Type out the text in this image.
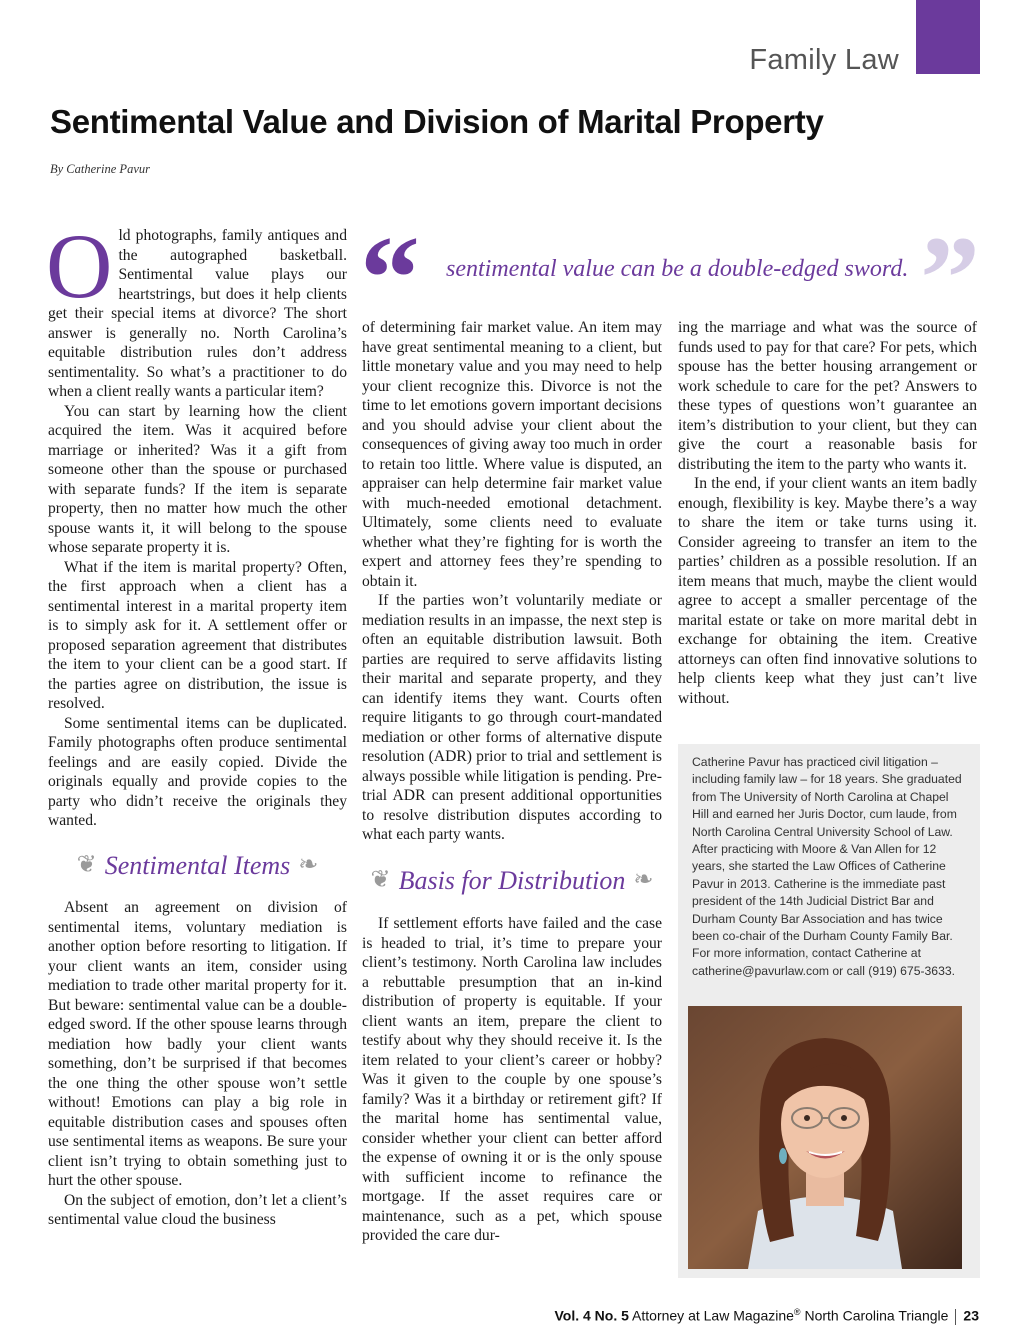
Family Law
Sentimental Value and Division of Marital Property
By Catherine Pavur

Old photographs, family antiques and the autographed basketball. Sentimental value plays our heartstrings, but does it help clients get their special items at divorce? The short answer is generally no. North Carolina’s equitable distribution rules don’t address sentimentality. So what’s a practitioner to do when a client really wants a particular item?

You can start by learning how the client acquired the item. Was it acquired before marriage or inherited? Was it a gift from someone other than the spouse or purchased with separate funds? If the item is separate property, then no matter how much the other spouse wants it, it will belong to the spouse whose separate property it is.

What if the item is marital property? Often, the first approach when a client has a sentimental interest in a marital property item is to simply ask for it. A settlement offer or proposed separation agreement that distributes the item to your client can be a good start. If the parties agree on distribution, the issue is resolved.

Some sentimental items can be duplicated. Family photographs often produce sentimental feelings and are easily copied. Divide the originals equally and provide copies to the party who didn’t receive the originals they wanted.

❦ Sentimental Items ❧

Absent an agreement on division of sentimental items, voluntary mediation is another option before resorting to litigation. If your client wants an item, consider using mediation to trade other marital property for it. But beware: sentimental value can be a double-edged sword. If the other spouse learns through mediation how badly your client wants something, don’t be surprised if that becomes the one thing the other spouse won’t settle without! Emotions can play a big role in equitable distribution cases and spouses often use sentimental items as weapons. Be sure your client isn’t trying to obtain something just to hurt the other spouse.

On the subject of emotion, don’t let a client’s sentimental value cloud the business

“ sentimental value can be a double-edged sword. ”

of determining fair market value. An item may have great sentimental meaning to a client, but little monetary value and you may need to help your client recognize this. Divorce is not the time to let emotions govern important decisions and you should advise your client about the consequences of giving away too much in order to retain too little. Where value is disputed, an appraiser can help determine fair market value with much-needed emotional detachment. Ultimately, some clients need to evaluate whether what they’re fighting for is worth the expert and attorney fees they’re spending to obtain it.

If the parties won’t voluntarily mediate or mediation results in an impasse, the next step is often an equitable distribution lawsuit. Both parties are required to serve affidavits listing their marital and separate property, and they can identify items they want. Courts often require litigants to go through court-mandated mediation or other forms of alternative dispute resolution (ADR) prior to trial and settlement is always possible while litigation is pending. Pre-trial ADR can present additional opportunities to resolve distribution disputes according to what each party wants.

❦ Basis for Distribution ❧

If settlement efforts have failed and the case is headed to trial, it’s time to prepare your client’s testimony. North Carolina law includes a rebuttable presumption that an in-kind distribution of property is equitable. If your client wants an item, prepare the client to testify about why they should receive it. Is the item related to your client’s career or hobby? Was it given to the couple by one spouse’s family? Was it a birthday or retirement gift? If the marital home has sentimental value, consider whether your client can better afford the expense of owning it or is the only spouse with sufficient income to refinance the mortgage. If the asset requires care or maintenance, such as a pet, which spouse provided the care dur-

ing the marriage and what was the source of funds used to pay for that care? For pets, which spouse has the better housing arrangement or work schedule to care for the pet? Answers to these types of questions won’t guarantee an item’s distribution to your client, but they can give the court a reasonable basis for distributing the item to the party who wants it.

In the end, if your client wants an item badly enough, flexibility is key. Maybe there’s a way to share the item or take turns using it. Consider agreeing to transfer an item to the parties’ children as a possible resolution. If an item means that much, maybe the client would agree to accept a smaller percentage of the marital estate or take on more marital debt in exchange for obtaining the item. Creative attorneys can often find innovative solutions to help clients keep what they just can’t live without.

Catherine Pavur has practiced civil litigation – including family law – for 18 years. She graduated from The University of North Carolina at Chapel Hill and earned her Juris Doctor, cum laude, from North Carolina Central University School of Law. After practicing with Moore & Van Allen for 12 years, she started the Law Offices of Catherine Pavur in 2013. Catherine is the immediate past president of the 14th Judicial District Bar and Durham County Bar Association and has twice been co-chair of the Durham County Family Bar. For more information, contact Catherine at catherine@pavurlaw.com or call (919) 675-3633.
Vol. 4 No. 5 Attorney at Law Magazine® North Carolina Triangle 23
